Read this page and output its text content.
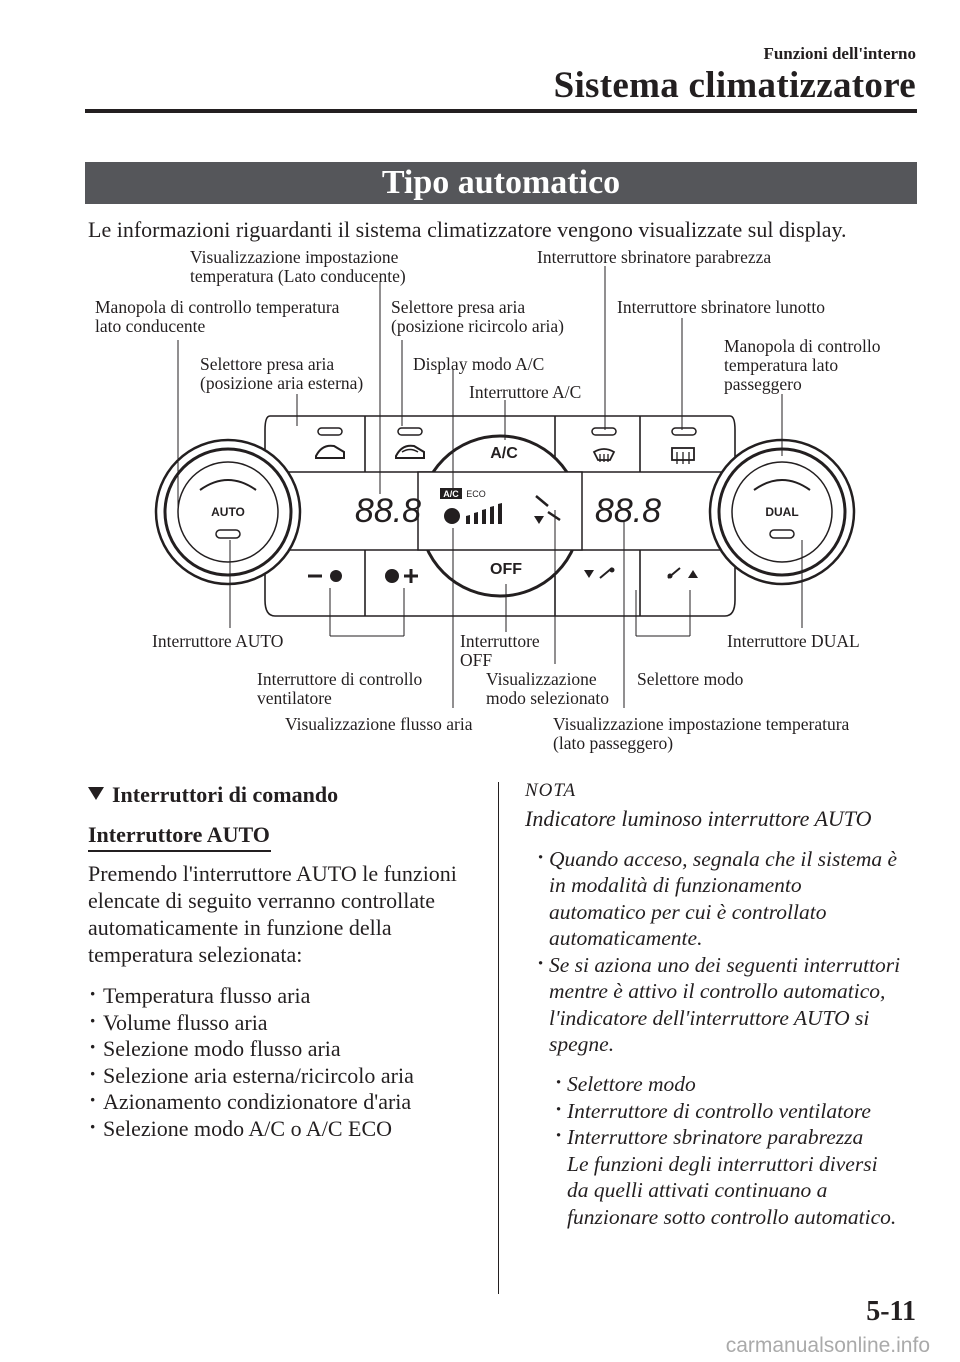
Funzioni dell'interno
Sistema climatizzatore
Tipo automatico
Le informazioni riguardanti il sistema climatizzatore vengono visualizzate sul display.
A/C ECO
88.8	88.8
AUTO	DUAL
A/C
OFF
Visualizzazione impostazione
temperatura (Lato conducente)
Interruttore sbrinatore parabrezza
Manopola di controllo temperatura
lato conducente
Selettore presa aria
(posizione ricircolo aria)
Interruttore sbrinatore lunotto
Manopola di controllo
temperatura lato
passeggero
Selettore presa aria
(posizione aria esterna)
Display modo A/C
Interruttore A/C
Interruttore AUTO	Interruttore
OFF
Interruttore DUAL
Interruttore di controllo
ventilatore
Visualizzazione
modo selezionato
Selettore modo
Visualizzazione flusso aria	Visualizzazione impostazione temperatura
(lato passeggero)
Interruttori di comando
Interruttore AUTO
Premendo l'interruttore AUTO le funzioni elencate di seguito verranno controllate automaticamente in funzione della temperatura selezionata:
· Temperatura flusso aria
· Volume flusso aria
· Selezione modo flusso aria
· Selezione aria esterna/ricircolo aria
· Azionamento condizionatore d'aria
· Selezione modo A/C o A/C ECO
NOTA
Indicatore luminoso interruttore AUTO
· Quando acceso, segnala che il sistema è
in modalità di funzionamento
automatico per cui è controllato
automaticamente.
· Se si aziona uno dei seguenti interruttori
mentre è attivo il controllo automatico,
l'indicatore dell'interruttore AUTO si
spegne.
· Selettore modo
· Interruttore di controllo ventilatore
· Interruttore sbrinatore parabrezza
Le funzioni degli interruttori diversi
da quelli attivati continuano a
funzionare sotto controllo automatico.
5-11
carmanualsonline.info
